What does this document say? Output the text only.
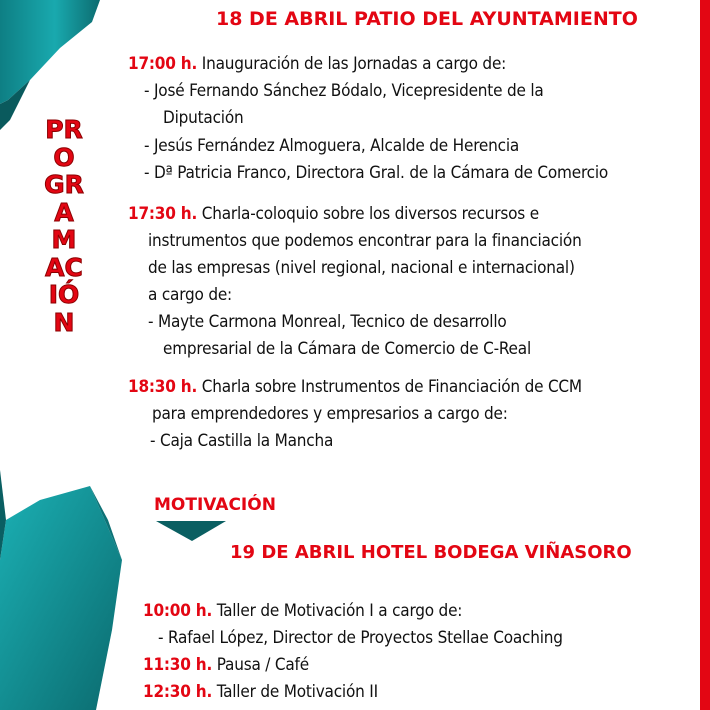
PROGRAMACIÓN
18 DE ABRIL PATIO DEL AYUNTAMIENTO
17:00 h. Inauguración de las Jornadas a cargo de:
- José Fernando Sánchez Bódalo, Vicepresidente de la
Diputación
- Jesús Fernández Almoguera, Alcalde de Herencia
- Dª Patricia Franco, Directora Gral. de la Cámara de Comercio
17:30 h. Charla-coloquio sobre los diversos recursos e
instrumentos que podemos encontrar para la financiación
de las empresas (nivel regional, nacional e internacional)
a cargo de:
- Mayte Carmona Monreal, Tecnico de desarrollo
empresarial de la Cámara de Comercio de C-Real
18:30 h. Charla sobre Instrumentos de Financiación de CCM
para emprendedores y empresarios a cargo de:
- Caja Castilla la Mancha
MOTIVACIÓN
19 DE ABRIL HOTEL BODEGA VIÑASORO
10:00 h. Taller de Motivación I a cargo de:
- Rafael López, Director de Proyectos Stellae Coaching
11:30 h. Pausa / Café
12:30 h. Taller de Motivación II
